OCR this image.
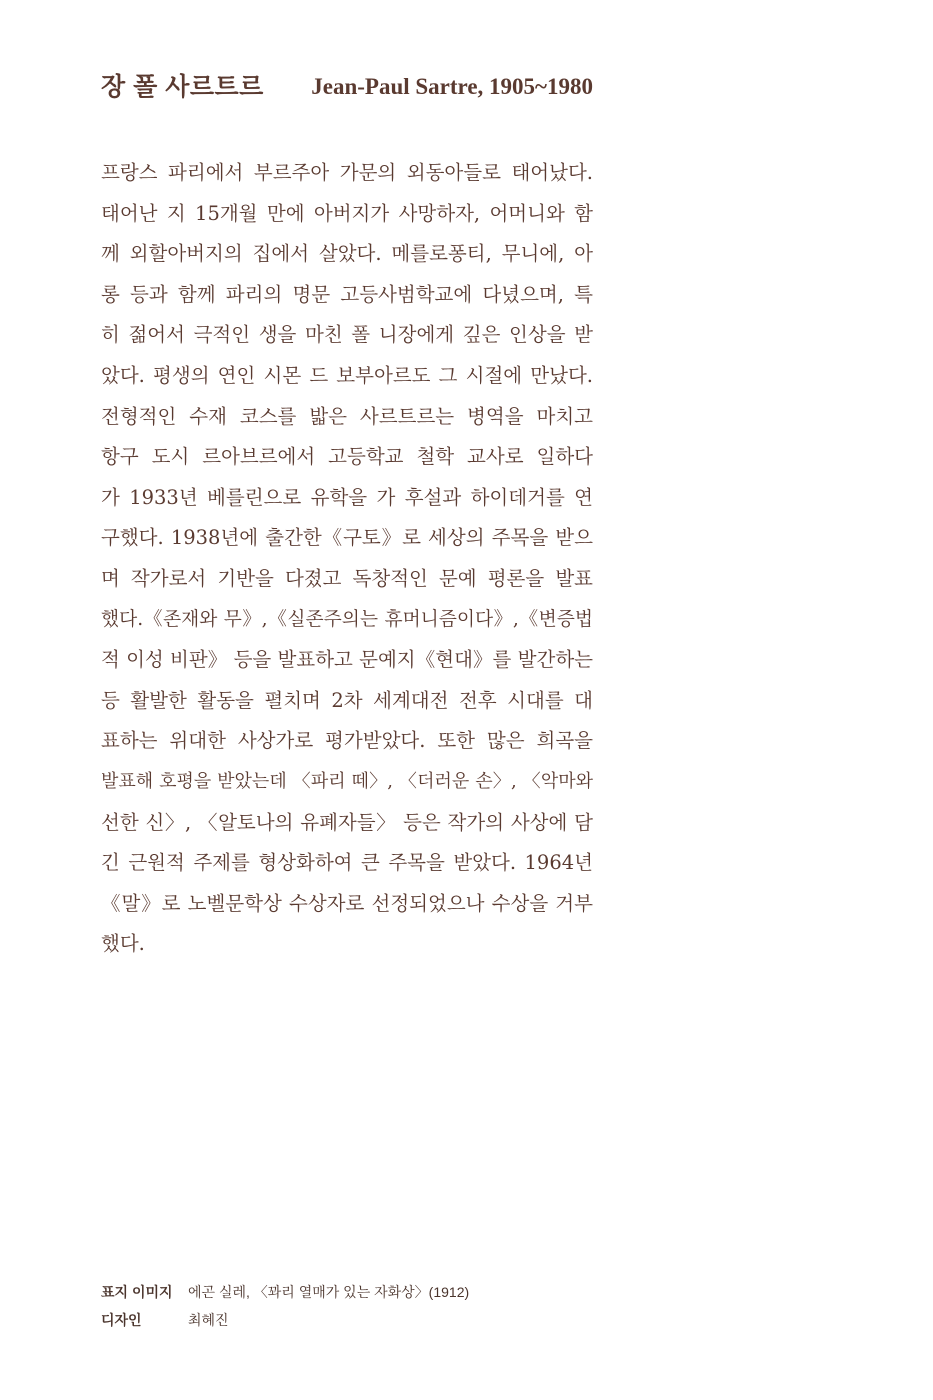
장 폴 사르트르 Jean-Paul Sartre, 1905~1980
프랑스 파리에서 부르주아 가문의 외동아들로 태어났다.
태어난 지 15개월 만에 아버지가 사망하자, 어머니와 함
께 외할아버지의 집에서 살았다. 메를로퐁티, 무니에, 아
롱 등과 함께 파리의 명문 고등사범학교에 다녔으며, 특
히 젊어서 극적인 생을 마친 폴 니장에게 깊은 인상을 받
았다. 평생의 연인 시몬 드 보부아르도 그 시절에 만났다.
전형적인 수재 코스를 밟은 사르트르는 병역을 마치고
항구 도시 르아브르에서 고등학교 철학 교사로 일하다
가 1933년 베를린으로 유학을 가 후설과 하이데거를 연
구했다. 1938년에 출간한《구토》로 세상의 주목을 받으
며 작가로서 기반을 다졌고 독창적인 문예 평론을 발표
했다.《존재와 무》,《실존주의는 휴머니즘이다》,《변증법
적 이성 비판》 등을 발표하고 문예지《현대》를 발간하는
등 활발한 활동을 펼치며 2차 세계대전 전후 시대를 대
표하는 위대한 사상가로 평가받았다. 또한 많은 희곡을
발표해 호평을 받았는데 〈파리 떼〉, 〈더러운 손〉, 〈악마와
선한 신〉, 〈알토나의 유폐자들〉 등은 작가의 사상에 담
긴 근원적 주제를 형상화하여 큰 주목을 받았다. 1964년
《말》로 노벨문학상 수상자로 선정되었으나 수상을 거부
했다.
표지 이미지	에곤 실레, 〈꽈리 열매가 있는 자화상〉(1912)
디자인	최혜진
